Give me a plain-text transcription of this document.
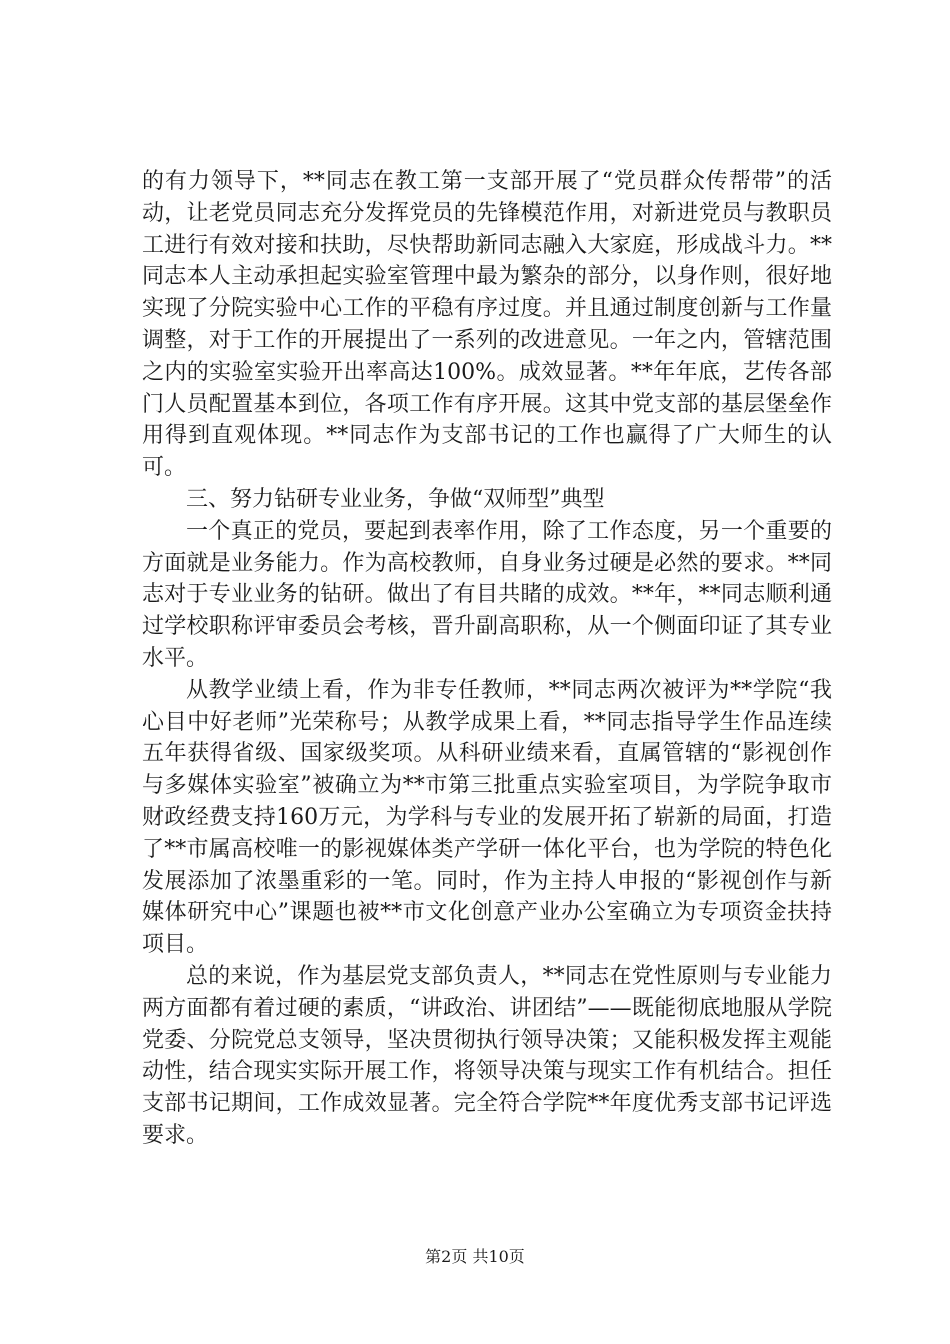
的有力领导下，**同志在教工第一支部开展了“党员群众传帮带”的活动，让老党员同志充分发挥党员的先锋模范作用，对新进党员与教职员工进行有效对接和扶助，尽快帮助新同志融入大家庭，形成战斗力。**同志本人主动承担起实验室管理中最为繁杂的部分，以身作则，很好地实现了分院实验中心工作的平稳有序过度。并且通过制度创新与工作量调整，对于工作的开展提出了一系列的改进意见。一年之内，管辖范围之内的实验室实验开出率高达100%。成效显著。**年年底，艺传各部门人员配置基本到位，各项工作有序开展。这其中党支部的基层堡垒作用得到直观体现。**同志作为支部书记的工作也赢得了广大师生的认可。

三、努力钻研专业业务，争做“双师型”典型

一个真正的党员，要起到表率作用，除了工作态度，另一个重要的方面就是业务能力。作为高校教师，自身业务过硬是必然的要求。**同志对于专业业务的钻研。做出了有目共睹的成效。**年，**同志顺利通过学校职称评审委员会考核，晋升副高职称，从一个侧面印证了其专业水平。

从教学业绩上看，作为非专任教师，**同志两次被评为**学院“我心目中好老师”光荣称号；从教学成果上看，**同志指导学生作品连续五年获得省级、国家级奖项。从科研业绩来看，直属管辖的“影视创作与多媒体实验室”被确立为**市第三批重点实验室项目，为学院争取市财政经费支持160万元，为学科与专业的发展开拓了崭新的局面，打造了**市属高校唯一的影视媒体类产学研一体化平台，也为学院的特色化发展添加了浓墨重彩的一笔。同时，作为主持人申报的“影视创作与新媒体研究中心”课题也被**市文化创意产业办公室确立为专项资金扶持项目。

总的来说，作为基层党支部负责人，**同志在党性原则与专业能力两方面都有着过硬的素质，“讲政治、讲团结”——既能彻底地服从学院党委、分院党总支领导，坚决贯彻执行领导决策；又能积极发挥主观能动性，结合现实实际开展工作，将领导决策与现实工作有机结合。担任支部书记期间，工作成效显著。完全符合学院**年度优秀支部书记评选要求。

第2页 共10页
